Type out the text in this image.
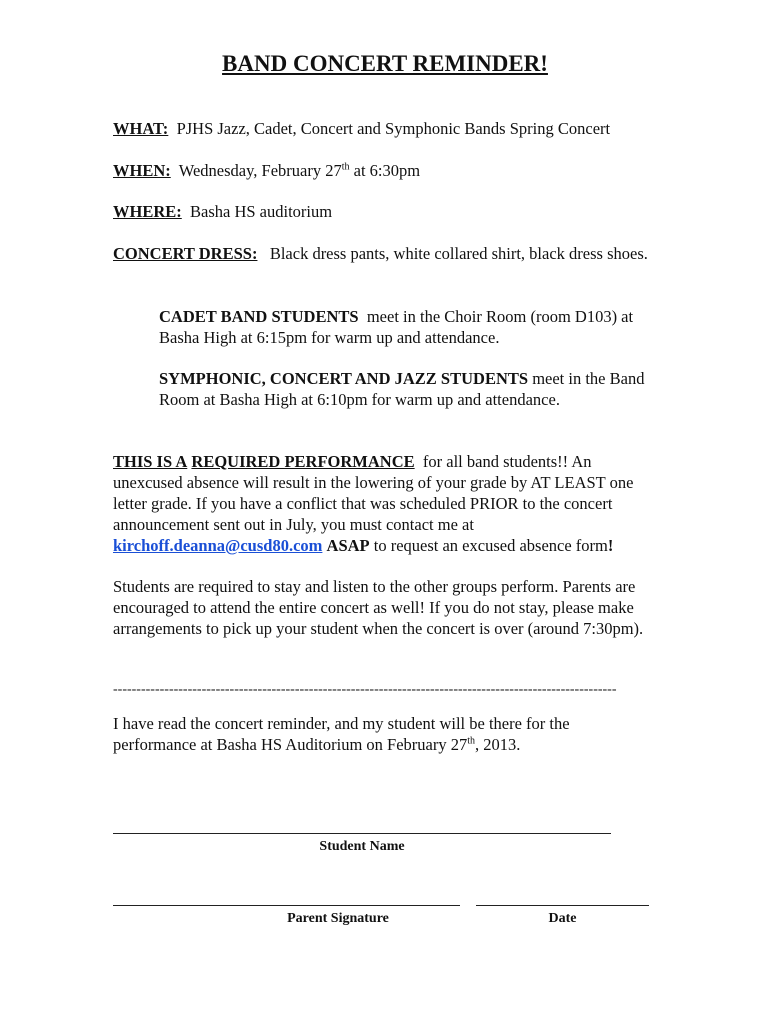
BAND CONCERT REMINDER!

WHAT: PJHS Jazz, Cadet, Concert and Symphonic Bands Spring Concert

WHEN: Wednesday, February 27th at 6:30pm

WHERE: Basha HS auditorium

CONCERT DRESS: Black dress pants, white collared shirt, black dress shoes.

CADET BAND STUDENTS meet in the Choir Room (room D103) at Basha High at 6:15pm for warm up and attendance.

SYMPHONIC, CONCERT AND JAZZ STUDENTS meet in the Band Room at Basha High at 6:10pm for warm up and attendance.

THIS IS A REQUIRED PERFORMANCE for all band students!! An unexcused absence will result in the lowering of your grade by AT LEAST one letter grade. If you have a conflict that was scheduled PRIOR to the concert announcement sent out in July, you must contact me at kirchoff.deanna@cusd80.com ASAP to request an excused absence form!

Students are required to stay and listen to the other groups perform. Parents are encouraged to attend the entire concert as well! If you do not stay, please make arrangements to pick up your student when the concert is over (around 7:30pm).

------------------------------------------------------------------------------------------------------------

I have read the concert reminder, and my student will be there for the performance at Basha HS Auditorium on February 27th, 2013.

Student Name
Parent Signature	Date
